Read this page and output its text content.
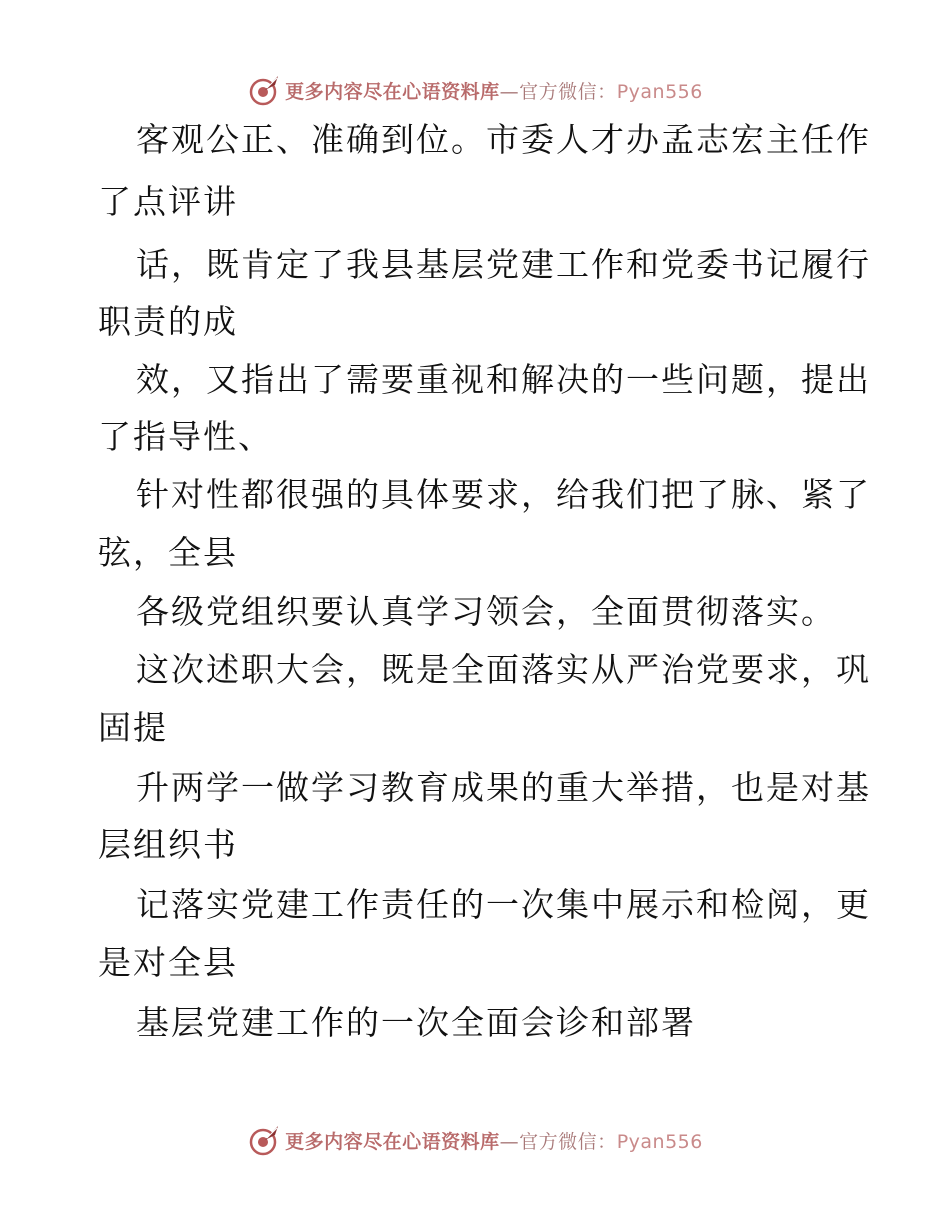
更多内容尽在心语资料库—官方微信：Pyan556
客观公正、准确到位。市委人才办孟志宏主任作
了点评讲
话，既肯定了我县基层党建工作和党委书记履行
职责的成
效，又指出了需要重视和解决的一些问题，提出
了指导性、
针对性都很强的具体要求，给我们把了脉、紧了
弦，全县
各级党组织要认真学习领会，全面贯彻落实。
这次述职大会，既是全面落实从严治党要求，巩
固提
升两学一做学习教育成果的重大举措，也是对基
层组织书
记落实党建工作责任的一次集中展示和检阅，更
是对全县
基层党建工作的一次全面会诊和部署
更多内容尽在心语资料库—官方微信：Pyan556
